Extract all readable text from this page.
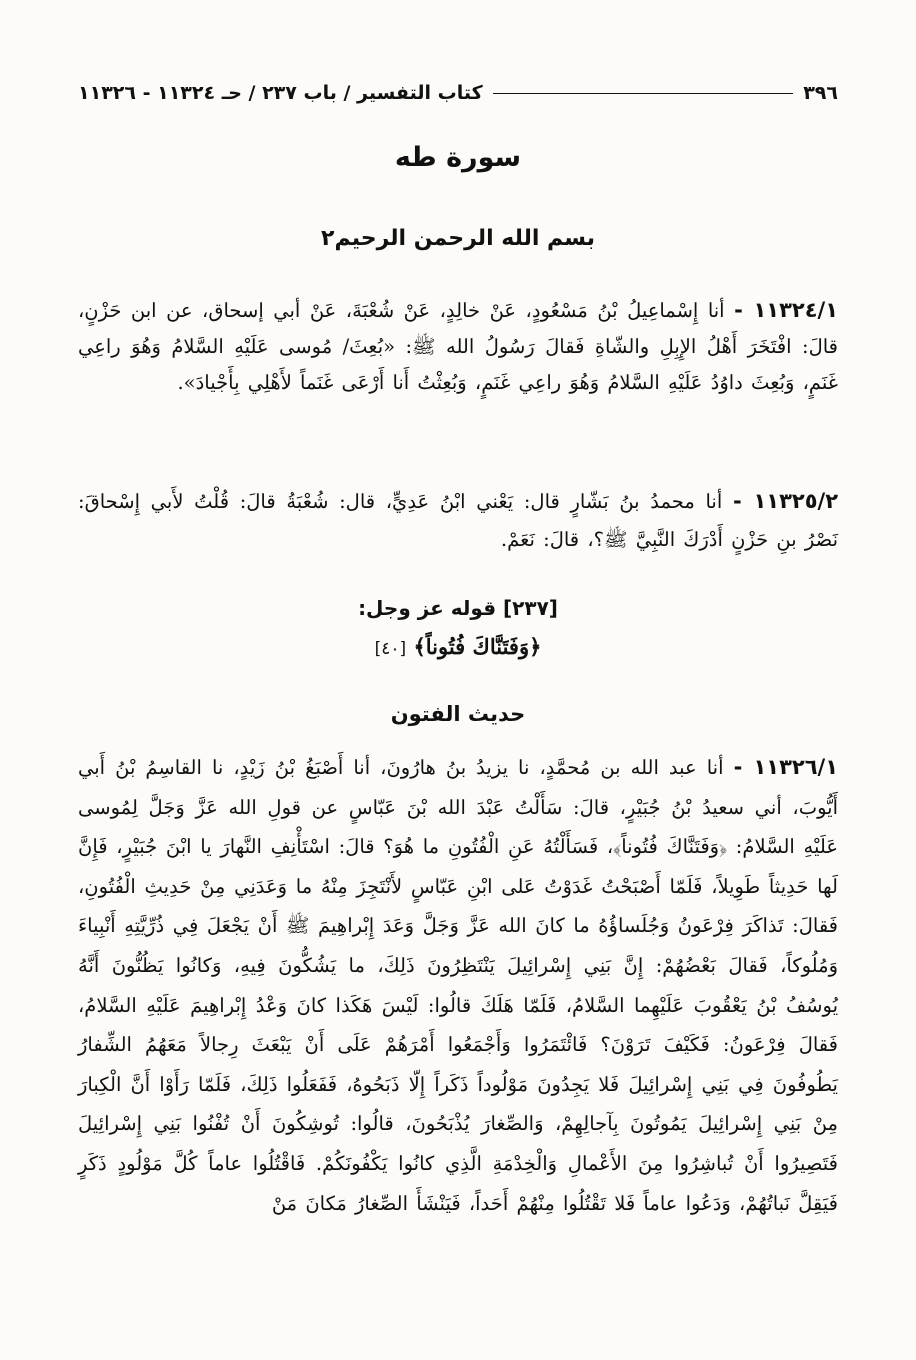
٣٩٦
كتاب التفسير / باب ٢٣٧ / حـ ١١٣٢٤ - ١١٣٢٦
سورة طه
بسم الله الرحمن الرحيم٢
١١٣٢٤/١ - أنا إِسْماعِيلُ بْنُ مَسْعُودٍ، عَنْ خالِدٍ، عَنْ شُعْبَةَ، عَنْ أبي إسحاق، عن ابن حَزْنٍ، قالَ: افْتَخَرَ أَهْلُ الإِبِلِ والشّاةِ فَقالَ رَسُولُ الله ﷺ: «بُعِثَ/ مُوسى عَلَيْهِ السَّلامُ وَهُوَ راعِي غَنَمٍ، وَبُعِثَ داوُدُ عَلَيْهِ السَّلامُ وَهُوَ راعِي غَنَمٍ، وَبُعِثْتُ أَنا أَرْعَى غَنَماً لأَهْلِي بِأَجْيادَ».
١١٣٢٥/٢ - أنا محمدُ بنُ بَشّارٍ قال: يَعْني ابْنُ عَدِيٍّ، قال: شُعْبَةُ قالَ: قُلْتُ لأَبي إِسْحاقَ: نَصْرُ بنِ حَزْنٍ أَدْرَكَ النَّبِيَّ ﷺ؟، قالَ: نَعَمْ.
[٢٣٧] قوله عز وجل:
﴿وَفَتَنَّاكَ فُتُوناً﴾ [٤٠]
حديث الفتون
١١٣٢٦/١ - أنا عبد الله بن مُحمَّدٍ، نا يزيدُ بنُ هارُونَ، أنا أَصْبَغُ بْنُ زَيْدٍ، نا القاسِمُ بْنُ أَبي أَيُّوبَ، أني سعيدُ بْنُ جُبَيْرٍ، قالَ: سَأَلْتُ عَبْدَ الله بْنَ عَبّاسٍ عن قولِ الله عَزَّ وَجَلَّ لِمُوسى عَلَيْهِ السَّلامُ: ﴿وَفَتَنَّاكَ فُتُوناً﴾، فَسَأَلْتُهُ عَنِ الْفُتُونِ ما هُوَ؟ قالَ: اسْتَأْنِفِ النَّهارَ يا ابْنَ جُبَيْرٍ، فَإِنَّ لَها حَدِيثاً طَوِيلاً، فَلَمّا أَصْبَحْتُ غَدَوْتُ عَلى ابْنِ عَبّاسٍ لأَنْتَجِزَ مِنْهُ ما وَعَدَنِي مِنْ حَدِيثِ الْفُتُونِ، فَقالَ: تَذاكَرَ فِرْعَونُ وَجُلَساؤُهُ ما كانَ الله عَزَّ وَجَلَّ وَعَدَ إِبْراهِيمَ ﷺ أَنْ يَجْعَلَ فِي ذُرِّيَّتِهِ أَنْبِياءَ وَمُلُوكاً، فَقالَ بَعْضُهُمْ: إِنَّ بَنِي إِسْرائِيلَ يَنْتَظِرُونَ ذَلِكَ، ما يَشُكُّونَ فِيهِ، وَكانُوا يَظُنُّونَ أَنَّهُ يُوسُفُ بْنُ يَعْقُوبَ عَلَيْهِما السَّلامُ، فَلَمّا هَلَكَ قالُوا: لَيْسَ هَكَذا كانَ وَعْدُ إِبْراهِيمَ عَلَيْهِ السَّلامُ، فَقالَ فِرْعَونُ: فَكَيْفَ تَرَوْنَ؟ فَائْتَمَرُوا وَأَجْمَعُوا أَمْرَهُمْ عَلَى أَنْ يَبْعَثَ رِجالاً مَعَهُمُ الشِّفارُ يَطُوفُونَ فِي بَنِي إِسْرائِيلَ فَلا يَجِدُونَ مَوْلُوداً ذَكَراً إِلّا ذَبَحُوهُ، فَفَعَلُوا ذَلِكَ، فَلَمّا رَأَوْا أَنَّ الْكِبارَ مِنْ بَنِي إِسْرائِيلَ يَمُوتُونَ بِآجالِهِمْ، وَالصِّغارَ يُذْبَحُونَ، قالُوا: تُوشِكُونَ أَنْ تُفْنُوا بَنِي إِسْرائِيلَ فَتَصِيرُوا أَنْ تُباشِرُوا مِنَ الأَعْمالِ وَالْخِدْمَةِ الَّذِي كانُوا يَكْفُونَكُمْ. فَاقْتُلُوا عاماً كُلَّ مَوْلُودٍ ذَكَرٍ فَيَقِلَّ نَباتُهُمْ، وَدَعُوا عاماً فَلا تَقْتُلُوا مِنْهُمْ أَحَداً، فَيَنْشَأَ الصِّغارُ مَكانَ مَنْ
